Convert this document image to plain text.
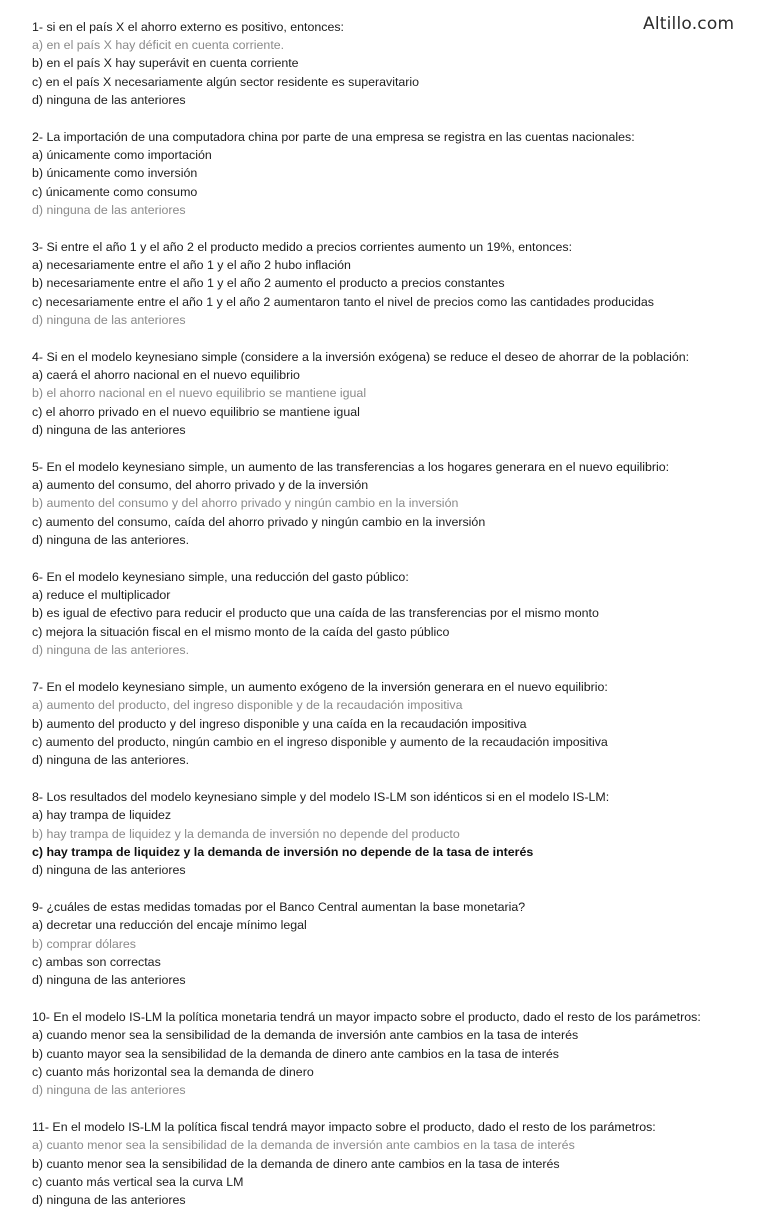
Altillo.com
1- si en el país X el ahorro externo es positivo, entonces:
a) en el país X hay déficit en cuenta corriente.
b) en el país X hay superávit en cuenta corriente
c) en el país X necesariamente algún sector residente es superavitario
d) ninguna de las anteriores
2- La importación de una computadora china por parte de una empresa se registra en las cuentas nacionales:
a) únicamente como importación
b) únicamente como inversión
c) únicamente como consumo
d) ninguna de las anteriores
3- Si entre el año 1 y el año 2 el producto medido a precios corrientes aumento un 19%, entonces:
a) necesariamente entre el año 1 y el año 2 hubo inflación
b) necesariamente entre el año 1 y el año 2 aumento el producto a precios constantes
c) necesariamente entre el año 1 y el año 2 aumentaron tanto el nivel de precios como las cantidades producidas
d) ninguna de las anteriores
4- Si en el modelo keynesiano simple (considere a la inversión exógena) se reduce el deseo de ahorrar de la población:
a) caerá el ahorro nacional en el nuevo equilibrio
b) el ahorro nacional en el nuevo equilibrio se mantiene igual
c) el ahorro privado en el nuevo equilibrio se mantiene igual
d) ninguna de las anteriores
5- En el modelo keynesiano simple, un aumento de las transferencias a los hogares generara en el nuevo equilibrio:
a) aumento del consumo, del ahorro privado y de la inversión
b) aumento del consumo y del ahorro privado y ningún cambio en la inversión
c) aumento del consumo, caída del ahorro privado y ningún cambio en la inversión
d) ninguna de las anteriores.
6- En el modelo keynesiano simple, una reducción del gasto público:
a) reduce el multiplicador
b) es igual de efectivo para reducir el producto que una caída de las transferencias por el mismo monto
c) mejora la situación fiscal en el mismo monto de la caída del gasto público
d) ninguna de las anteriores.
7- En el modelo keynesiano simple, un aumento exógeno de la inversión generara en el nuevo equilibrio:
a) aumento del producto, del ingreso disponible y de la recaudación impositiva
b) aumento del producto y del ingreso disponible y una caída en la recaudación impositiva
c) aumento del producto, ningún cambio en el ingreso disponible y aumento de la recaudación impositiva
d) ninguna de las anteriores.
8- Los resultados del modelo keynesiano simple y del modelo IS-LM son idénticos si en el modelo IS-LM:
a) hay trampa de liquidez
b) hay trampa de liquidez y la demanda de inversión no depende del producto
c) hay trampa de liquidez y la demanda de inversión no depende de la tasa de interés
d) ninguna de las anteriores
9- ¿cuáles de estas medidas tomadas por el Banco Central aumentan la base monetaria?
a) decretar una reducción del encaje mínimo legal
b) comprar dólares
c) ambas son correctas
d) ninguna de las anteriores
10- En el modelo IS-LM la política monetaria tendrá un mayor impacto sobre el producto, dado el resto de los parámetros:
a) cuando menor sea la sensibilidad de la demanda de inversión ante cambios en la tasa de interés
b) cuanto mayor sea la sensibilidad de la demanda de dinero ante cambios en la tasa de interés
c) cuanto más horizontal sea la demanda de dinero
d) ninguna de las anteriores
11- En el modelo IS-LM la política fiscal tendrá mayor impacto sobre el producto, dado el resto de los parámetros:
a) cuanto menor sea la sensibilidad de la demanda de inversión ante cambios en la tasa de interés
b) cuanto menor sea la sensibilidad de la demanda de dinero ante cambios en la tasa de interés
c) cuanto más vertical sea la curva LM
d) ninguna de las anteriores
